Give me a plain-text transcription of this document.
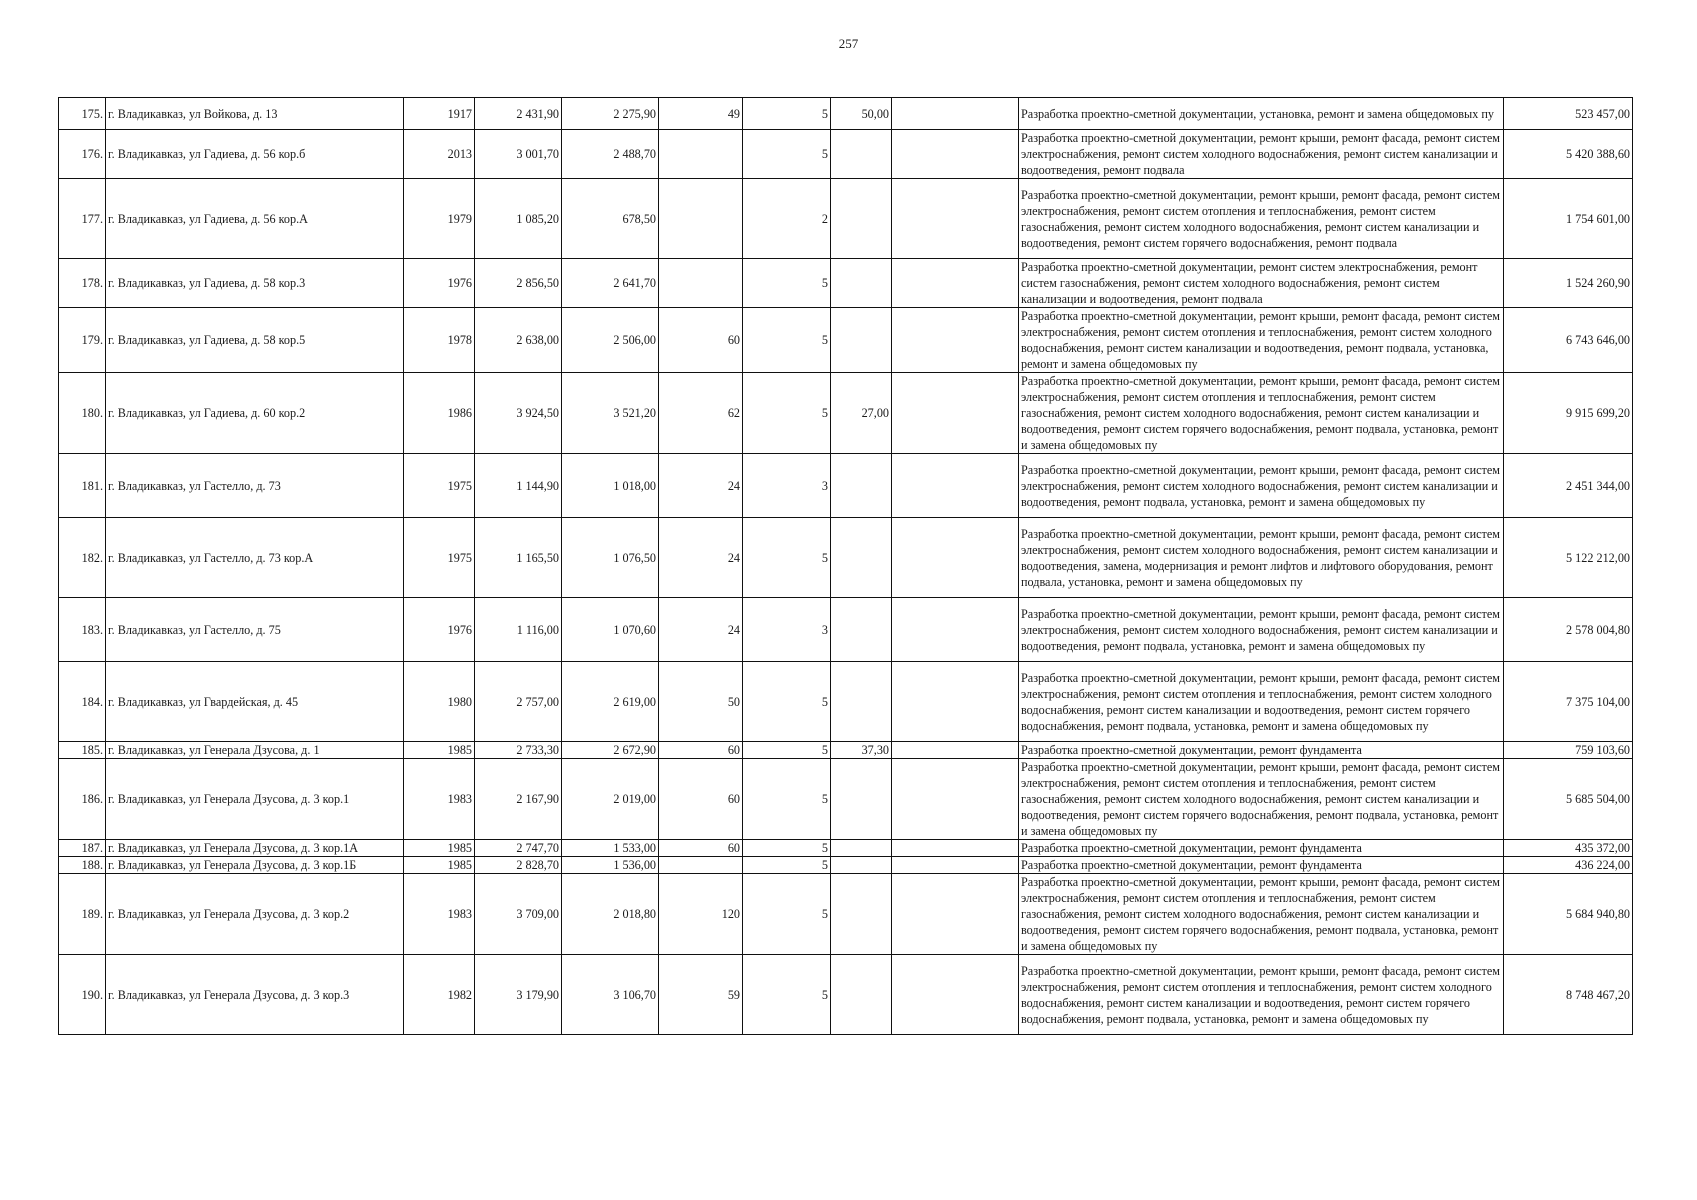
257
175.	г. Владикавказ, ул Войкова, д. 13	1917	2 431,90	2 275,90	49	5	50,00		Разработка проектно-сметной документации, установка, ремонт и замена общедомовых пу	523 457,00
176.	г. Владикавказ, ул Гадиева, д. 56 кор.б	2013	3 001,70	2 488,70		5			Разработка проектно-сметной документации, ремонт крыши, ремонт фасада, ремонт систем электроснабжения, ремонт систем холодного водоснабжения, ремонт систем канализации и водоотведения, ремонт подвала	5 420 388,60
177.	г. Владикавказ, ул Гадиева, д. 56 кор.А	1979	1 085,20	678,50		2			Разработка проектно-сметной документации, ремонт крыши, ремонт фасада, ремонт систем электроснабжения, ремонт систем отопления и теплоснабжения, ремонт систем газоснабжения, ремонт систем холодного водоснабжения, ремонт систем канализации и водоотведения, ремонт систем горячего водоснабжения, ремонт подвала	1 754 601,00
178.	г. Владикавказ, ул Гадиева, д. 58 кор.3	1976	2 856,50	2 641,70		5			Разработка проектно-сметной документации, ремонт систем электроснабжения, ремонт систем газоснабжения, ремонт систем холодного водоснабжения, ремонт систем канализации и водоотведения, ремонт подвала	1 524 260,90
179.	г. Владикавказ, ул Гадиева, д. 58 кор.5	1978	2 638,00	2 506,00	60	5			Разработка проектно-сметной документации, ремонт крыши, ремонт фасада, ремонт систем электроснабжения, ремонт систем отопления и теплоснабжения, ремонт систем холодного водоснабжения, ремонт систем канализации и водоотведения, ремонт подвала, установка, ремонт и замена общедомовых пу	6 743 646,00
180.	г. Владикавказ, ул Гадиева, д. 60 кор.2	1986	3 924,50	3 521,20	62	5	27,00		Разработка проектно-сметной документации, ремонт крыши, ремонт фасада, ремонт систем электроснабжения, ремонт систем отопления и теплоснабжения, ремонт систем газоснабжения, ремонт систем холодного водоснабжения, ремонт систем канализации и водоотведения, ремонт систем горячего водоснабжения, ремонт подвала, установка, ремонт и замена общедомовых пу	9 915 699,20
181.	г. Владикавказ, ул Гастелло, д. 73	1975	1 144,90	1 018,00	24	3			Разработка проектно-сметной документации, ремонт крыши, ремонт фасада, ремонт систем электроснабжения, ремонт систем холодного водоснабжения, ремонт систем канализации и водоотведения, ремонт подвала, установка, ремонт и замена общедомовых пу	2 451 344,00
182.	г. Владикавказ, ул Гастелло, д. 73 кор.А	1975	1 165,50	1 076,50	24	5			Разработка проектно-сметной документации, ремонт крыши, ремонт фасада, ремонт систем электроснабжения, ремонт систем холодного водоснабжения, ремонт систем канализации и водоотведения, замена, модернизация и ремонт лифтов и лифтового оборудования, ремонт подвала, установка, ремонт и замена общедомовых пу	5 122 212,00
183.	г. Владикавказ, ул Гастелло, д. 75	1976	1 116,00	1 070,60	24	3			Разработка проектно-сметной документации, ремонт крыши, ремонт фасада, ремонт систем электроснабжения, ремонт систем холодного водоснабжения, ремонт систем канализации и водоотведения, ремонт подвала, установка, ремонт и замена общедомовых пу	2 578 004,80
184.	г. Владикавказ, ул Гвардейская, д. 45	1980	2 757,00	2 619,00	50	5			Разработка проектно-сметной документации, ремонт крыши, ремонт фасада, ремонт систем электроснабжения, ремонт систем отопления и теплоснабжения, ремонт систем холодного водоснабжения, ремонт систем канализации и водоотведения, ремонт систем горячего водоснабжения, ремонт подвала, установка, ремонт и замена общедомовых пу	7 375 104,00
185.	г. Владикавказ, ул Генерала Дзусова, д. 1	1985	2 733,30	2 672,90	60	5	37,30		Разработка проектно-сметной документации, ремонт фундамента	759 103,60
186.	г. Владикавказ, ул Генерала Дзусова, д. 3 кор.1	1983	2 167,90	2 019,00	60	5			Разработка проектно-сметной документации, ремонт крыши, ремонт фасада, ремонт систем электроснабжения, ремонт систем отопления и теплоснабжения, ремонт систем газоснабжения, ремонт систем холодного водоснабжения, ремонт систем канализации и водоотведения, ремонт систем горячего водоснабжения, ремонт подвала, установка, ремонт и замена общедомовых пу	5 685 504,00
187.	г. Владикавказ, ул Генерала Дзусова, д. 3 кор.1А	1985	2 747,70	1 533,00	60	5			Разработка проектно-сметной документации, ремонт фундамента	435 372,00
188.	г. Владикавказ, ул Генерала Дзусова, д. 3 кор.1Б	1985	2 828,70	1 536,00		5			Разработка проектно-сметной документации, ремонт фундамента	436 224,00
189.	г. Владикавказ, ул Генерала Дзусова, д. 3 кор.2	1983	3 709,00	2 018,80	120	5			Разработка проектно-сметной документации, ремонт крыши, ремонт фасада, ремонт систем электроснабжения, ремонт систем отопления и теплоснабжения, ремонт систем газоснабжения, ремонт систем холодного водоснабжения, ремонт систем канализации и водоотведения, ремонт систем горячего водоснабжения, ремонт подвала, установка, ремонт и замена общедомовых пу	5 684 940,80
190.	г. Владикавказ, ул Генерала Дзусова, д. 3 кор.3	1982	3 179,90	3 106,70	59	5			Разработка проектно-сметной документации, ремонт крыши, ремонт фасада, ремонт систем электроснабжения, ремонт систем отопления и теплоснабжения, ремонт систем холодного водоснабжения, ремонт систем канализации и водоотведения, ремонт систем горячего водоснабжения, ремонт подвала, установка, ремонт и замена общедомовых пу	8 748 467,20
